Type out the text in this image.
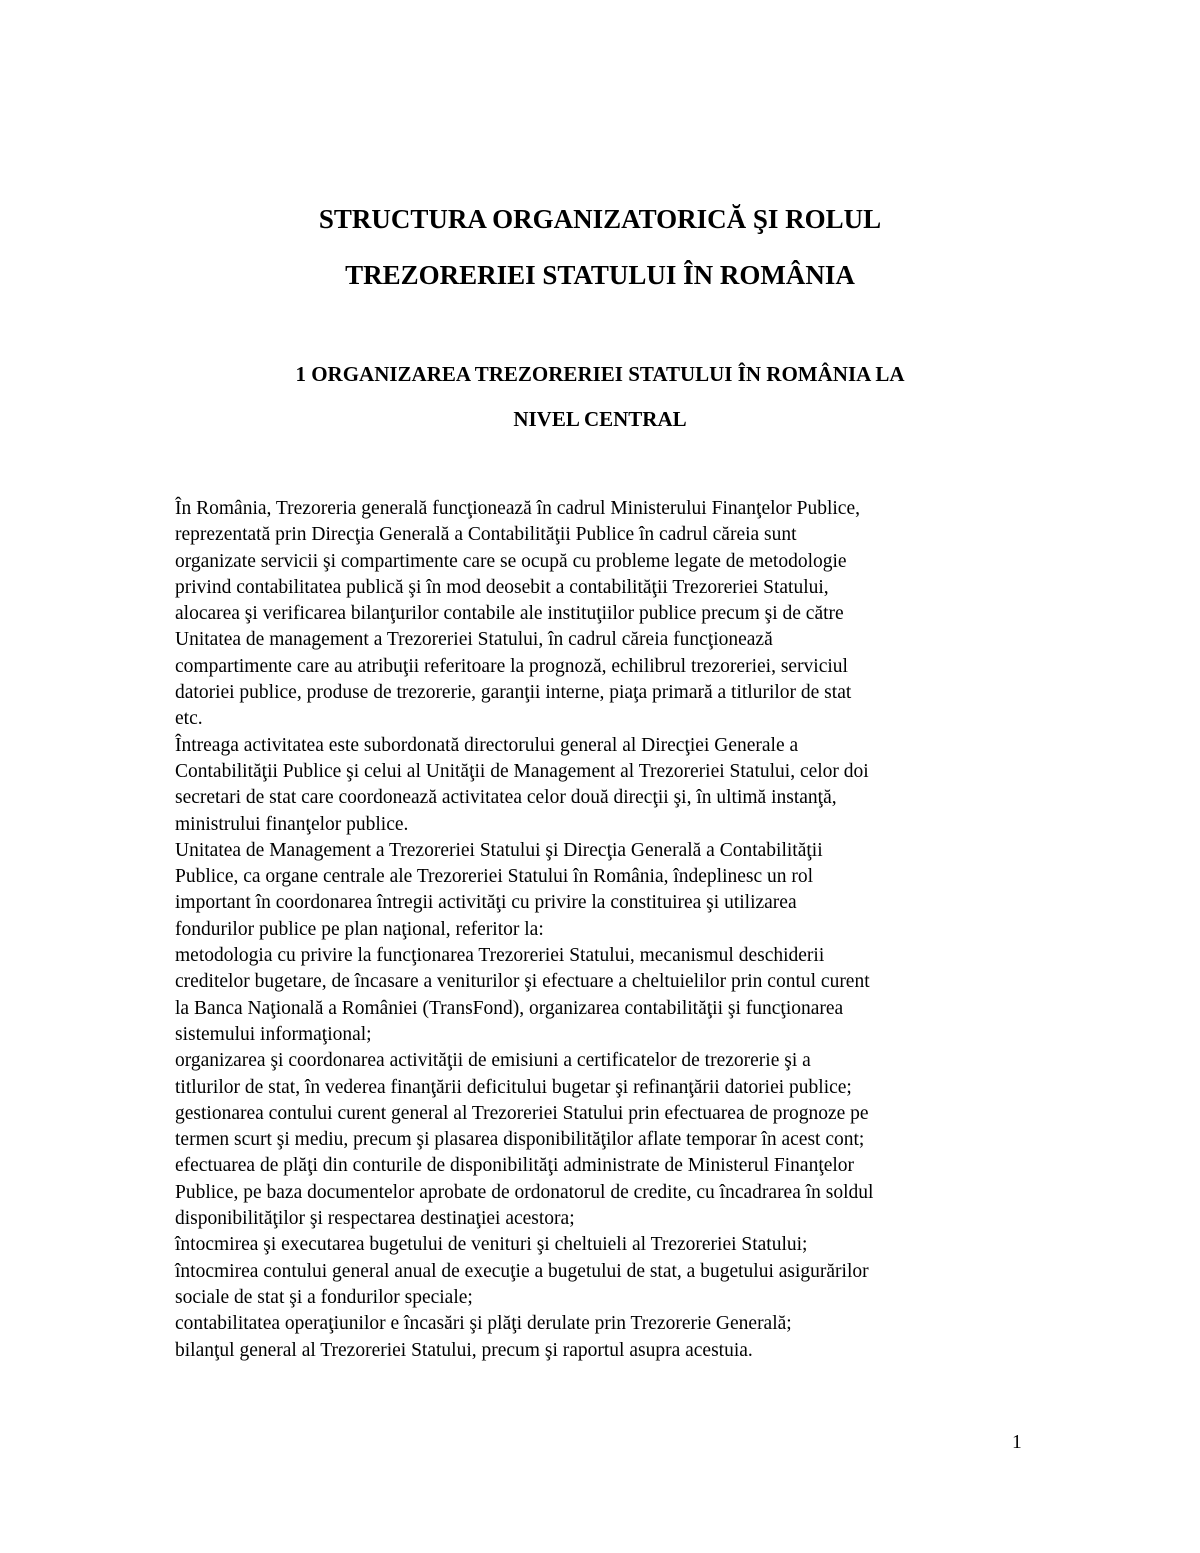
STRUCTURA ORGANIZATORICĂ ŞI ROLUL
TREZORERIEI STATULUI ÎN ROMÂNIA
1 ORGANIZAREA TREZORERIEI STATULUI ÎN ROMÂNIA LA
NIVEL CENTRAL
În România, Trezoreria generală funcţionează în cadrul Ministerului Finanţelor Publice,
reprezentată prin Direcţia Generală a Contabilităţii Publice în cadrul căreia sunt
organizate servicii şi compartimente care se ocupă cu probleme legate de metodologie
privind contabilitatea publică şi în mod deosebit a contabilităţii Trezoreriei Statului,
alocarea şi verificarea bilanţurilor contabile ale instituţiilor publice precum şi de către
Unitatea de management a Trezoreriei Statului, în cadrul căreia funcţionează
compartimente care au atribuţii referitoare la prognoză, echilibrul trezoreriei, serviciul
datoriei publice, produse de trezorerie, garanţii interne, piaţa primară a titlurilor de stat
etc.
Întreaga activitatea este subordonată directorului general al Direcţiei Generale a
Contabilităţii Publice şi celui al Unităţii de Management al Trezoreriei Statului, celor doi
secretari de stat care coordonează activitatea celor două direcţii şi, în ultimă instanţă,
ministrului finanţelor publice.
Unitatea de Management a Trezoreriei Statului şi Direcţia Generală a Contabilităţii
Publice, ca organe centrale ale Trezoreriei Statului în România, îndeplinesc un rol
important în coordonarea întregii activităţi cu privire la constituirea şi utilizarea
fondurilor publice pe plan naţional, referitor la:
metodologia cu privire la funcţionarea Trezoreriei Statului, mecanismul deschiderii
creditelor bugetare, de încasare a veniturilor şi efectuare a cheltuielilor prin contul curent
la Banca Naţională a României (TransFond), organizarea contabilităţii şi funcţionarea
sistemului informaţional;
organizarea şi coordonarea activităţii de emisiuni a certificatelor de trezorerie şi a
titlurilor de stat, în vederea finanţării deficitului bugetar şi refinanţării datoriei publice;
gestionarea contului curent general al Trezoreriei Statului prin efectuarea de prognoze pe
termen scurt şi mediu, precum şi plasarea disponibilităţilor aflate temporar în acest cont;
efectuarea de plăţi din conturile de disponibilităţi administrate de Ministerul Finanţelor
Publice, pe baza documentelor aprobate de ordonatorul de credite, cu încadrarea în soldul
disponibilităţilor şi respectarea destinaţiei acestora;
întocmirea şi executarea bugetului de venituri şi cheltuieli al Trezoreriei Statului;
întocmirea contului general anual de execuţie a bugetului de stat, a bugetului asigurărilor
sociale de stat şi a fondurilor speciale;
contabilitatea operaţiunilor e încasări şi plăţi derulate prin Trezorerie Generală;
bilanţul general al Trezoreriei Statului, precum şi raportul asupra acestuia.
1
